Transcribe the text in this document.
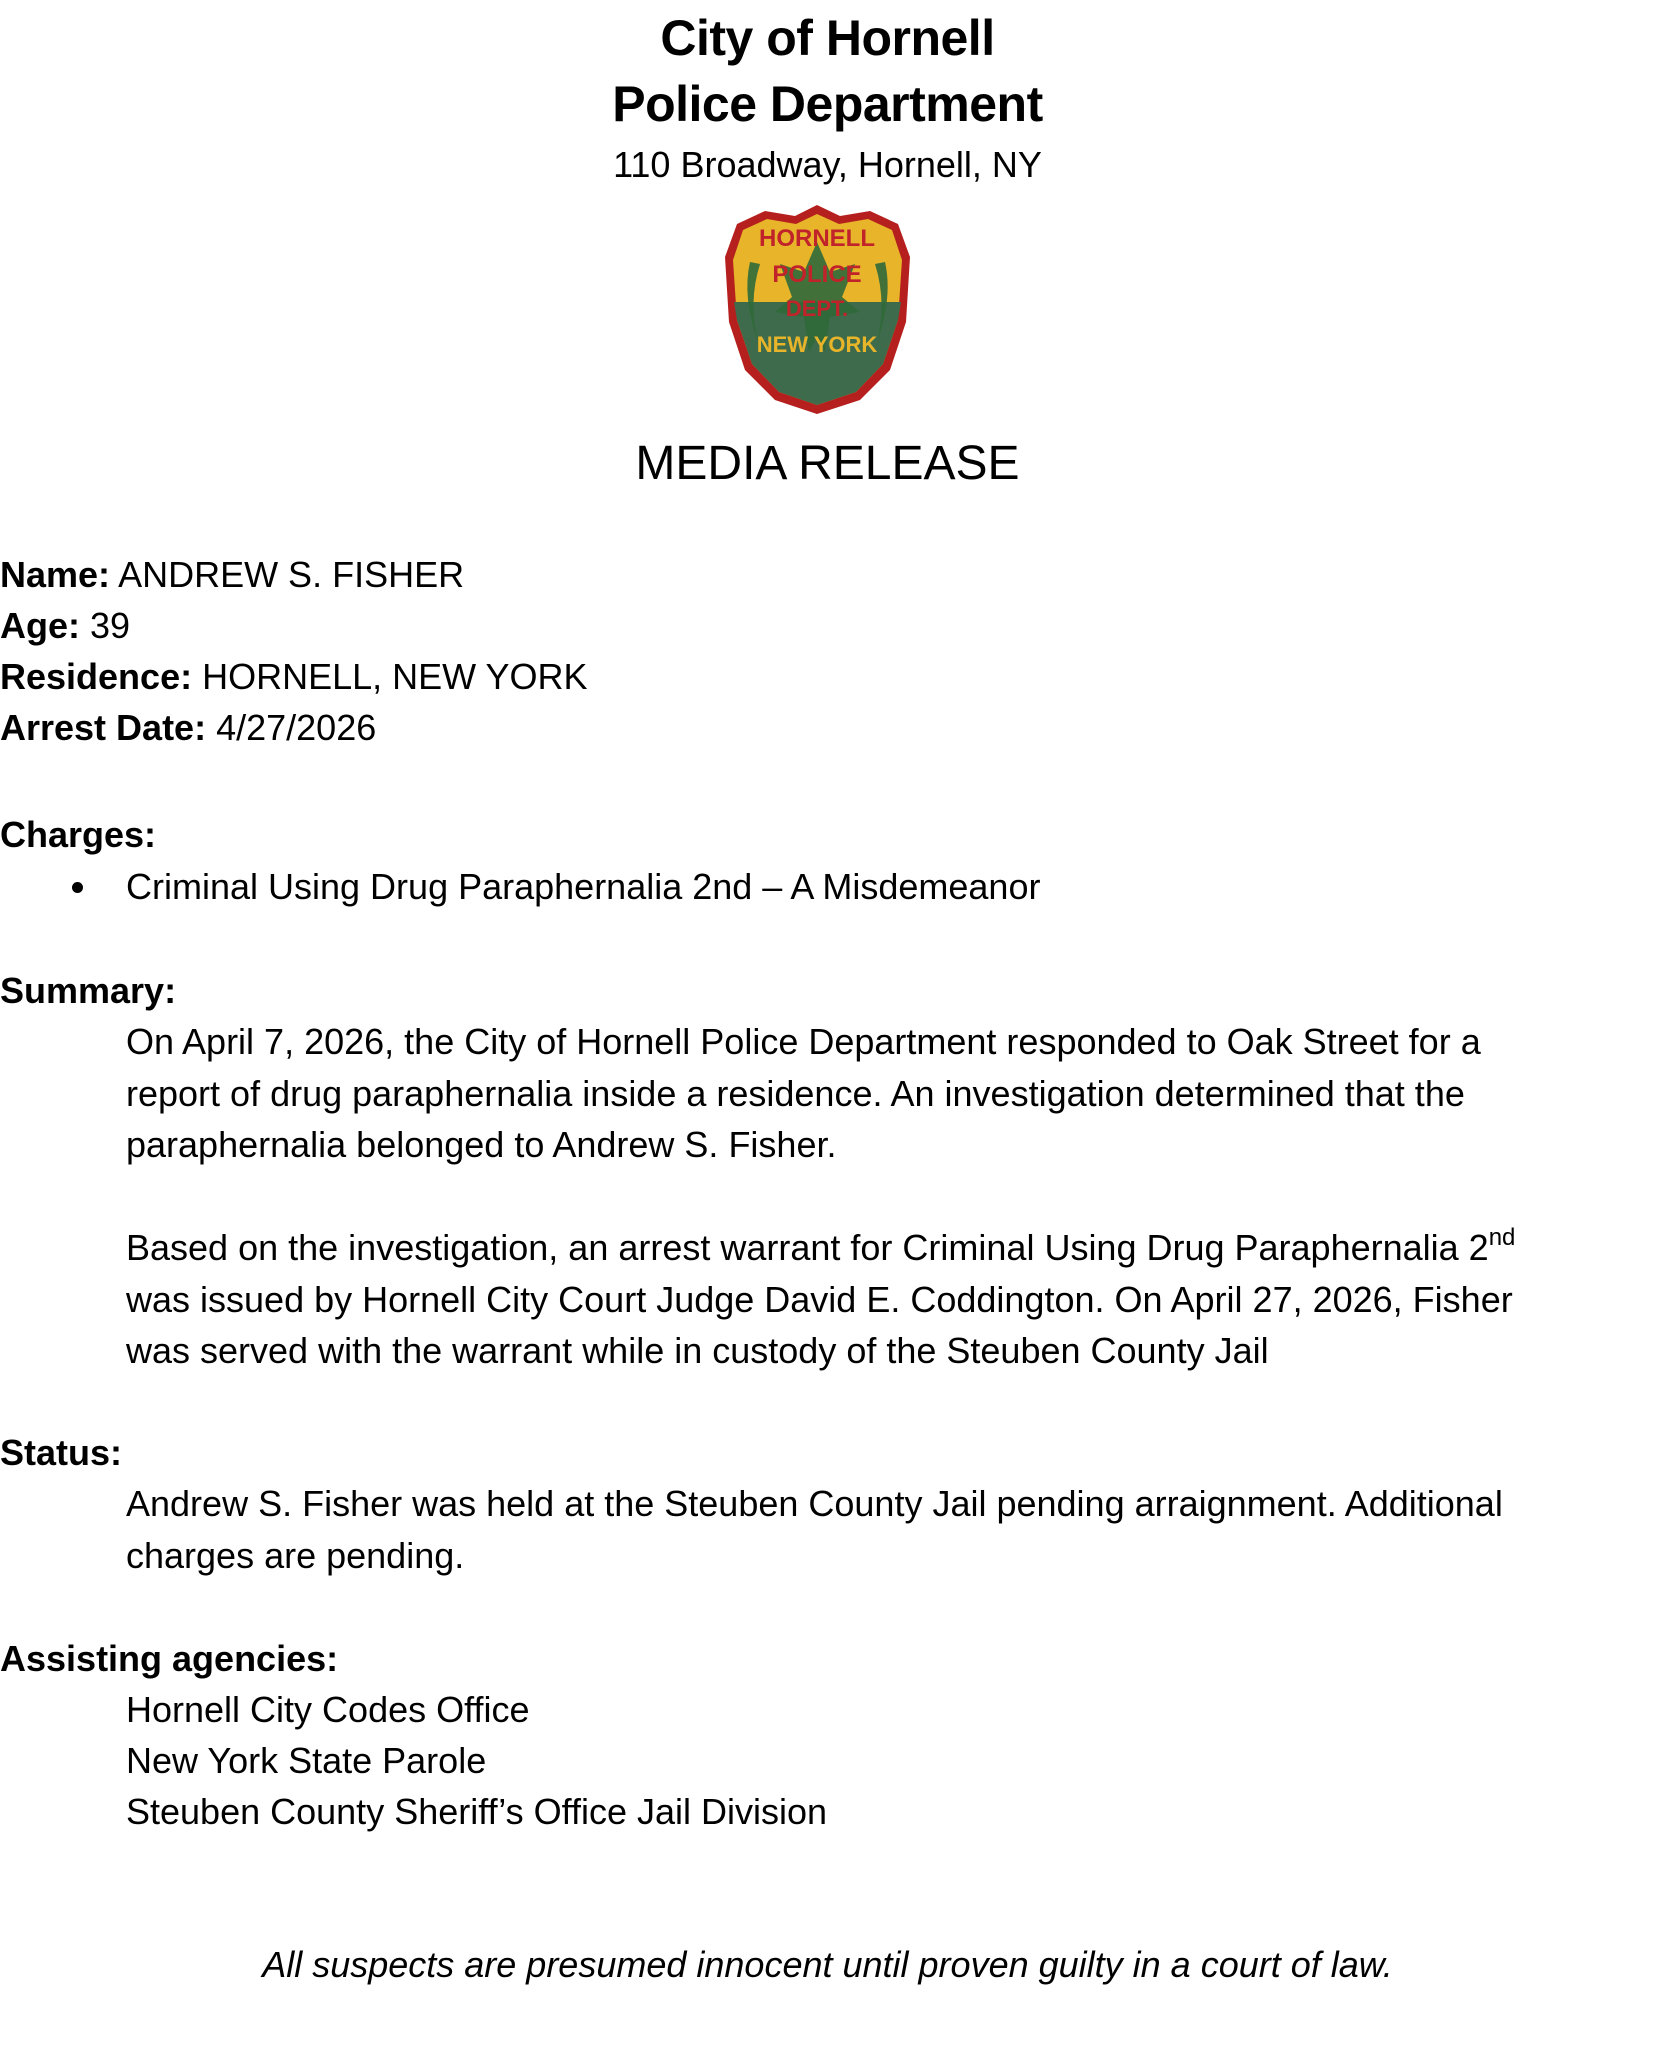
City of Hornell
Police Department
110 Broadway, Hornell, NY
HORNELL
POLICE
DEPT.
NEW YORK
MEDIA RELEASE
Name: ANDREW S. FISHER
Age: 39
Residence: HORNELL, NEW YORK
Arrest Date: 4/27/2026
Charges:
Criminal Using Drug Paraphernalia 2nd – A Misdemeanor
Summary:
On April 7, 2026, the City of Hornell Police Department responded to Oak Street for a
report of drug paraphernalia inside a residence. An investigation determined that the
paraphernalia belonged to Andrew S. Fisher.
Based on the investigation, an arrest warrant for Criminal Using Drug Paraphernalia 2nd
was issued by Hornell City Court Judge David E. Coddington. On April 27, 2026, Fisher
was served with the warrant while in custody of the Steuben County Jail
Status:
Andrew S. Fisher was held at the Steuben County Jail pending arraignment. Additional
charges are pending.
Assisting agencies:
Hornell City Codes Office
New York State Parole
Steuben County Sheriff’s Office Jail Division
All suspects are presumed innocent until proven guilty in a court of law.
